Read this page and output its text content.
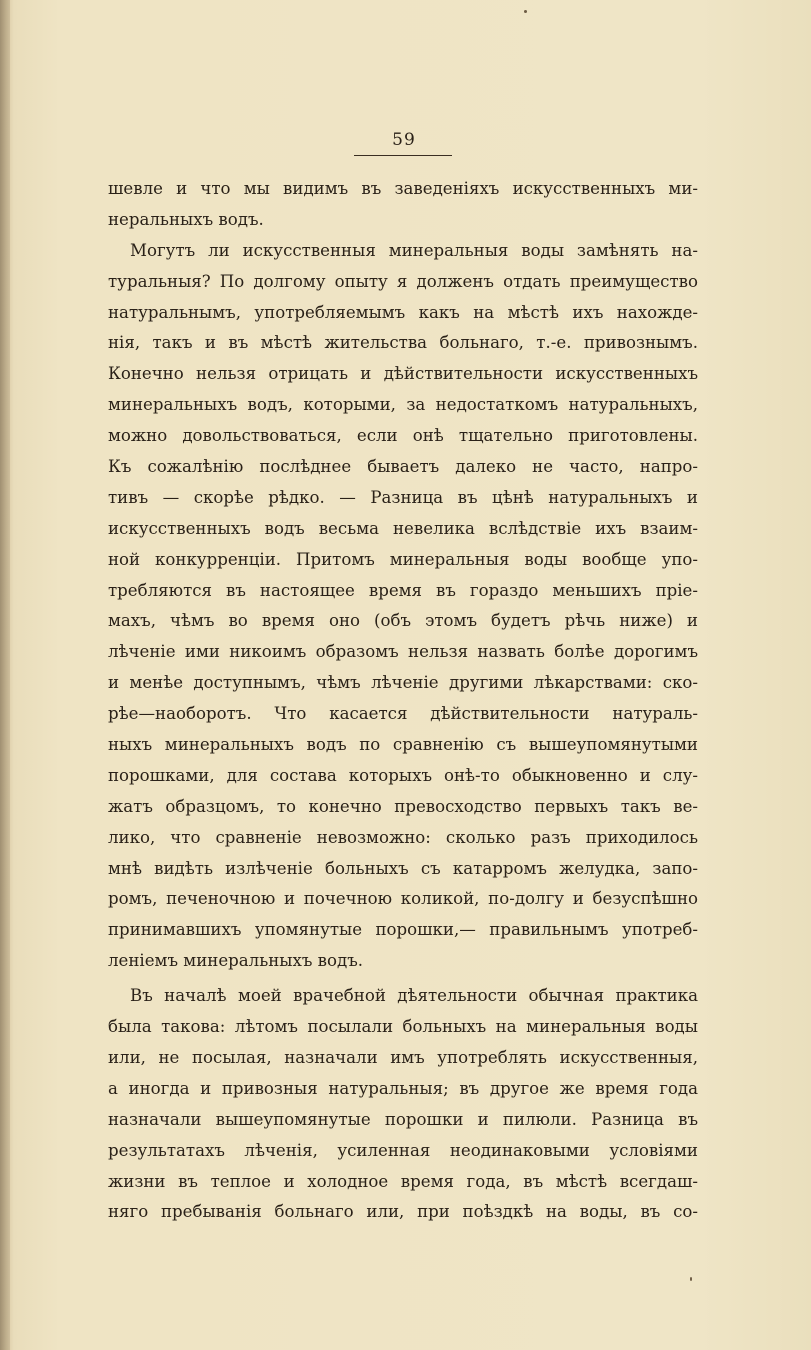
59
шевле и что мы видимъ въ заведеніяхъ искусственныхъ ми-
неральныхъ водъ.
Могутъ ли искусственныя минеральныя воды замѣнять на-
туральныя? По долгому опыту я долженъ отдать преимущество
натуральнымъ, употребляемымъ какъ на мѣстѣ ихъ нахожде-
нія, такъ и въ мѣстѣ жительства больнаго, т.-е. привознымъ.
Конечно нельзя отрицать и дѣйствительности искусственныхъ
минеральныхъ водъ, которыми, за недостаткомъ натуральныхъ,
можно довольствоваться, если онѣ тщательно приготовлены.
Къ сожалѣнію послѣднее бываетъ далеко не часто, напро-
тивъ — скорѣе рѣдко. — Разница въ цѣнѣ натуральныхъ и
искусственныхъ водъ весьма невелика вслѣдствіе ихъ взаим-
ной конкурренціи. Притомъ минеральныя воды вообще упо-
требляются въ настоящее время въ гораздо меньшихъ пріе-
махъ, чѣмъ во время оно (объ этомъ будетъ рѣчь ниже) и
лѣченіе ими никоимъ образомъ нельзя назвать болѣе дорогимъ
и менѣе доступнымъ, чѣмъ лѣченіе другими лѣкарствами: ско-
рѣе—наоборотъ. Что касается дѣйствительности натураль-
ныхъ минеральныхъ водъ по сравненію съ вышеупомянутыми
порошками, для состава которыхъ онѣ-то обыкновенно и слу-
жатъ образцомъ, то конечно превосходство первыхъ такъ ве-
лико, что сравненіе невозможно: сколько разъ приходилось
мнѣ видѣть излѣченіе больныхъ съ катарромъ желудка, запо-
ромъ, печеночною и почечною коликой, по-долгу и безуспѣшно
принимавшихъ упомянутые порошки,— правильнымъ употреб-
леніемъ минеральныхъ водъ.
Въ началѣ моей врачебной дѣятельности обычная практика
была такова: лѣтомъ посылали больныхъ на минеральныя воды
или, не посылая, назначали имъ употреблять искусственныя,
а иногда и привозныя натуральныя; въ другое же время года
назначали вышеупомянутые порошки и пилюли. Разница въ
результатахъ лѣченія, усиленная неодинаковыми условіями
жизни въ теплое и холодное время года, въ мѣстѣ всегдаш-
няго пребыванія больнаго или, при поѣздкѣ на воды, въ со-
